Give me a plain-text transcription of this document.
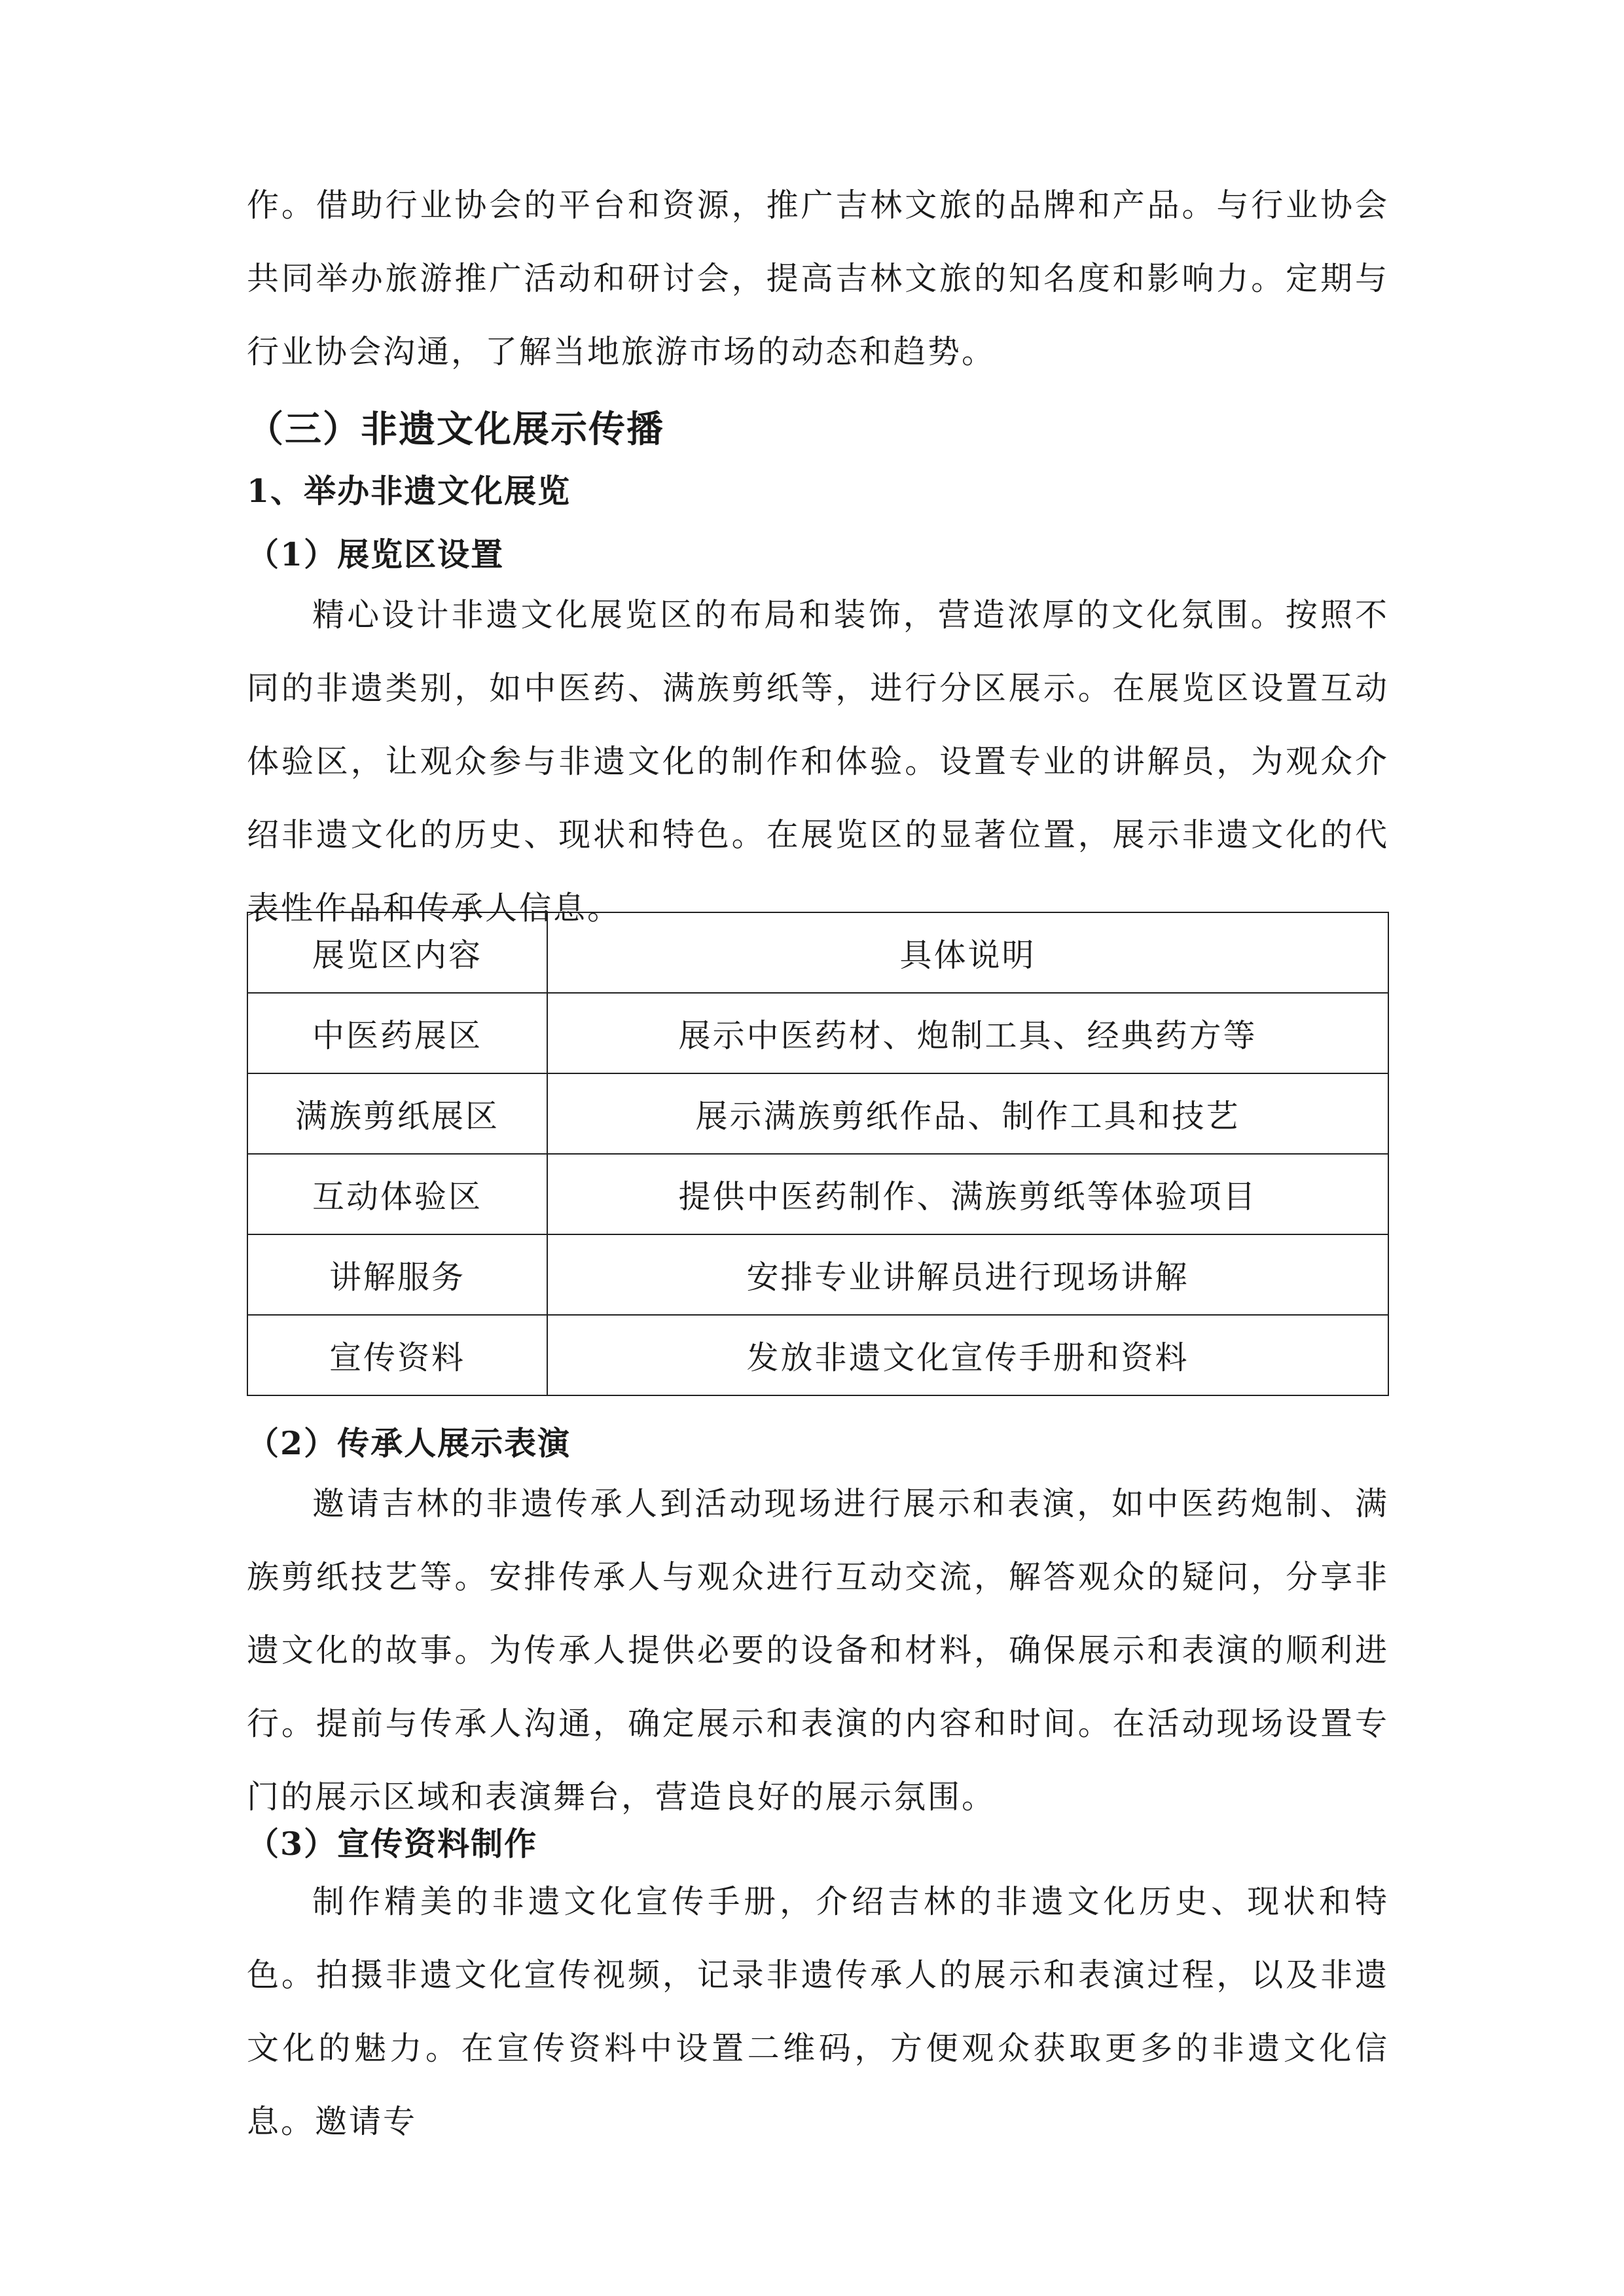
作。借助行业协会的平台和资源，推广吉林文旅的品牌和产品。与行业协会共同举办旅游推广活动和研讨会，提高吉林文旅的知名度和影响力。定期与行业协会沟通，了解当地旅游市场的动态和趋势。

（三）非遗文化展示传播
1、举办非遗文化展览
（1）展览区设置

精心设计非遗文化展览区的布局和装饰，营造浓厚的文化氛围。按照不同的非遗类别，如中医药、满族剪纸等，进行分区展示。在展览区设置互动体验区，让观众参与非遗文化的制作和体验。设置专业的讲解员，为观众介绍非遗文化的历史、现状和特色。在展览区的显著位置，展示非遗文化的代表性作品和传承人信息。

展览区内容	具体说明
中医药展区	展示中医药材、炮制工具、经典药方等
满族剪纸展区	展示满族剪纸作品、制作工具和技艺
互动体验区	提供中医药制作、满族剪纸等体验项目
讲解服务	安排专业讲解员进行现场讲解
宣传资料	发放非遗文化宣传手册和资料
（2）传承人展示表演

邀请吉林的非遗传承人到活动现场进行展示和表演，如中医药炮制、满族剪纸技艺等。安排传承人与观众进行互动交流，解答观众的疑问，分享非遗文化的故事。为传承人提供必要的设备和材料，确保展示和表演的顺利进行。提前与传承人沟通，确定展示和表演的内容和时间。在活动现场设置专门的展示区域和表演舞台，营造良好的展示氛围。

（3）宣传资料制作

制作精美的非遗文化宣传手册，介绍吉林的非遗文化历史、现状和特色。拍摄非遗文化宣传视频，记录非遗传承人的展示和表演过程，以及非遗文化的魅力。在宣传资料中设置二维码，方便观众获取更多的非遗文化信息。邀请专
